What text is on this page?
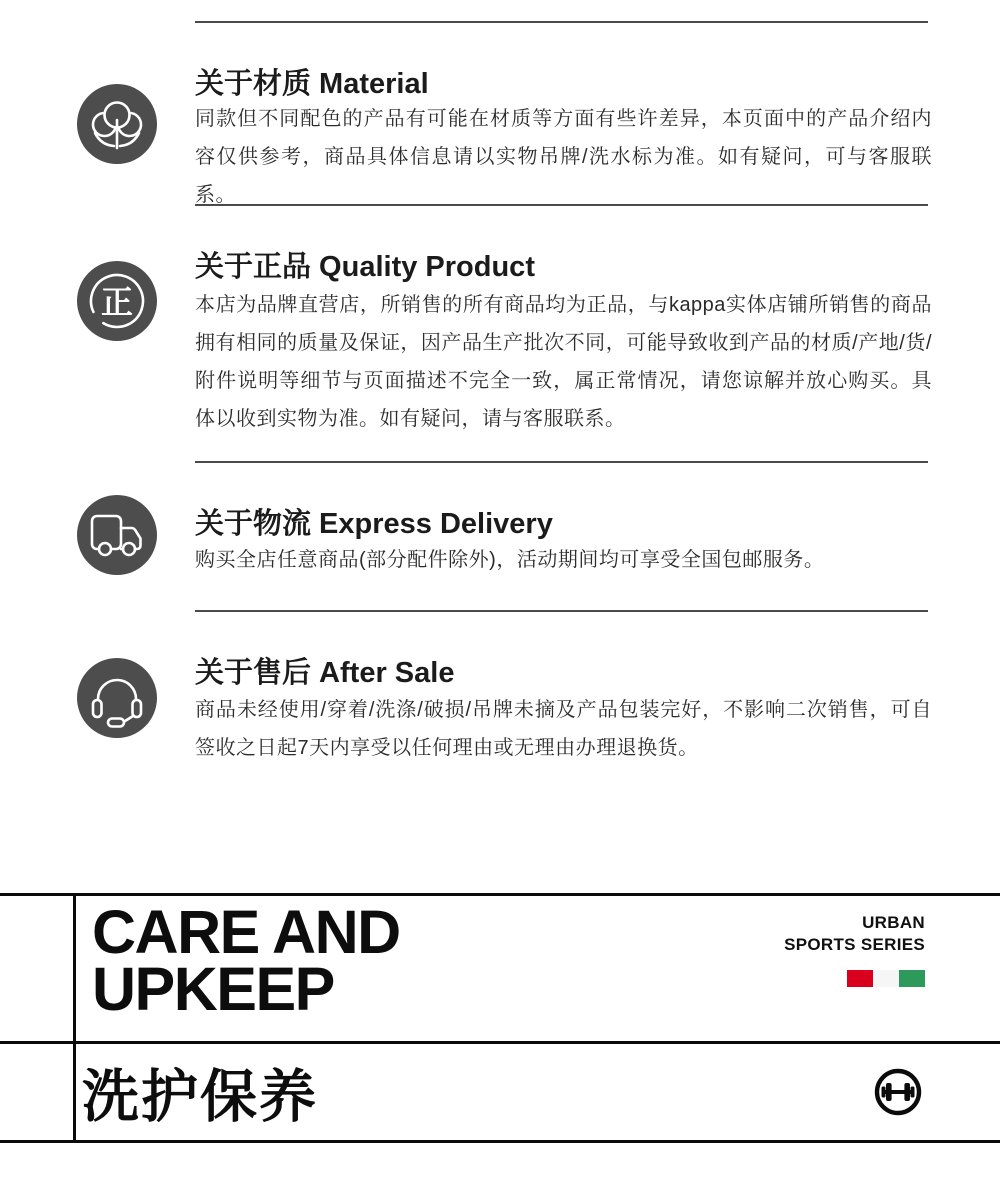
关于材质 Material
同款但不同配色的产品有可能在材质等方面有些许差异，本页面中的产品介绍内容仅供参考，商品具体信息请以实物吊牌/洗水标为准。如有疑问，可与客服联系。
正
关于正品 Quality Product
本店为品牌直营店，所销售的所有商品均为正品，与kappa实体店铺所销售的商品拥有相同的质量及保证，因产品生产批次不同，可能导致收到产品的材质/产地/货/附件说明等细节与页面描述不完全一致，属正常情况，请您谅解并放心购买。具体以收到实物为准。如有疑问，请与客服联系。
关于物流 Express Delivery
购买全店任意商品(部分配件除外)，活动期间均可享受全国包邮服务。
关于售后 After Sale
商品未经使用/穿着/洗涤/破损/吊牌未摘及产品包装完好，不影响二次销售，可自签收之日起7天内享受以任何理由或无理由办理退换货。
CARE AND
UPKEEP
URBAN
SPORTS SERIES
洗护保养
